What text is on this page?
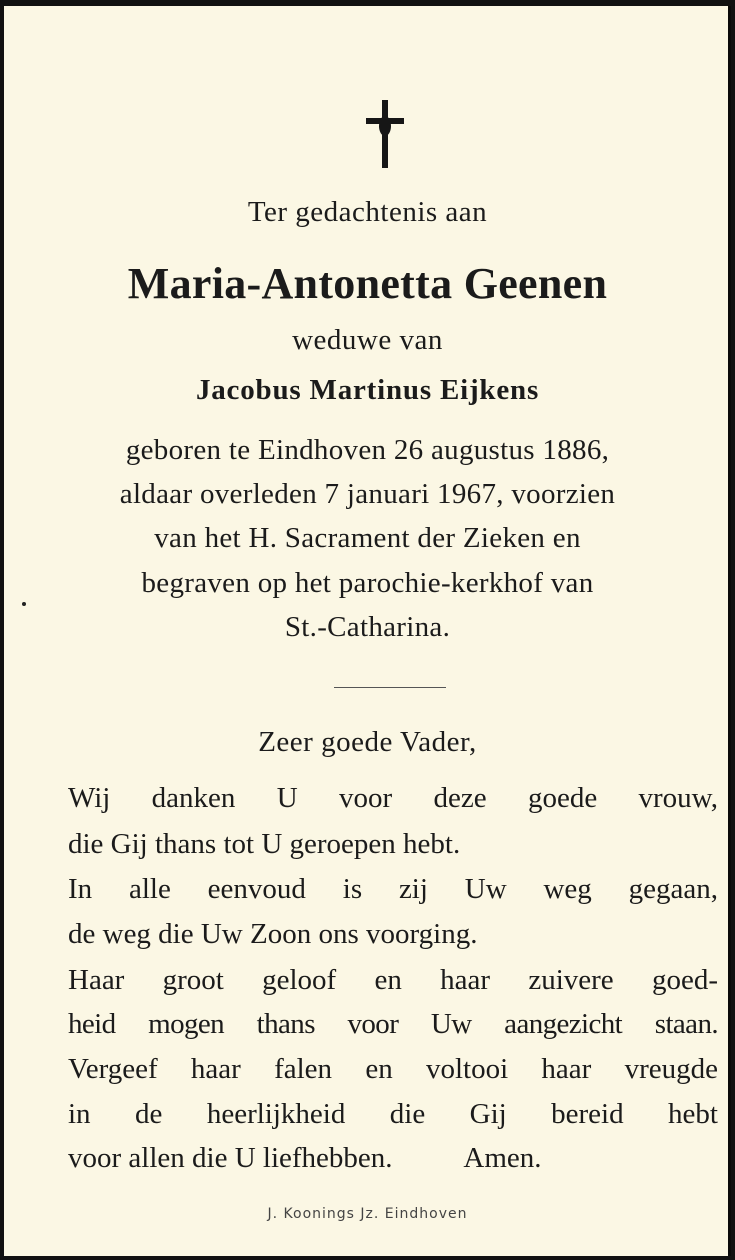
Ter gedachtenis aan
Maria-Antonetta Geenen
weduwe van
Jacobus Martinus Eijkens
geboren te Eindhoven 26 augustus 1886,
aldaar overleden 7 januari 1967, voorzien
van het H. Sacrament der Zieken en
begraven op het parochie-kerkhof van
St.-Catharina.
Zeer goede Vader,
Wij danken U voor deze goede vrouw,
die Gij thans tot U geroepen hebt.
In alle eenvoud is zij Uw weg gegaan,
de weg die Uw Zoon ons voorging.
Haar groot geloof en haar zuivere goed-
heid mogen thans voor Uw aangezicht staan.
Vergeef haar falen en voltooi haar vreugde
in de heerlijkheid die Gij bereid hebt
voor allen die U liefhebben.          Amen.
J. Koonings Jz. Eindhoven
